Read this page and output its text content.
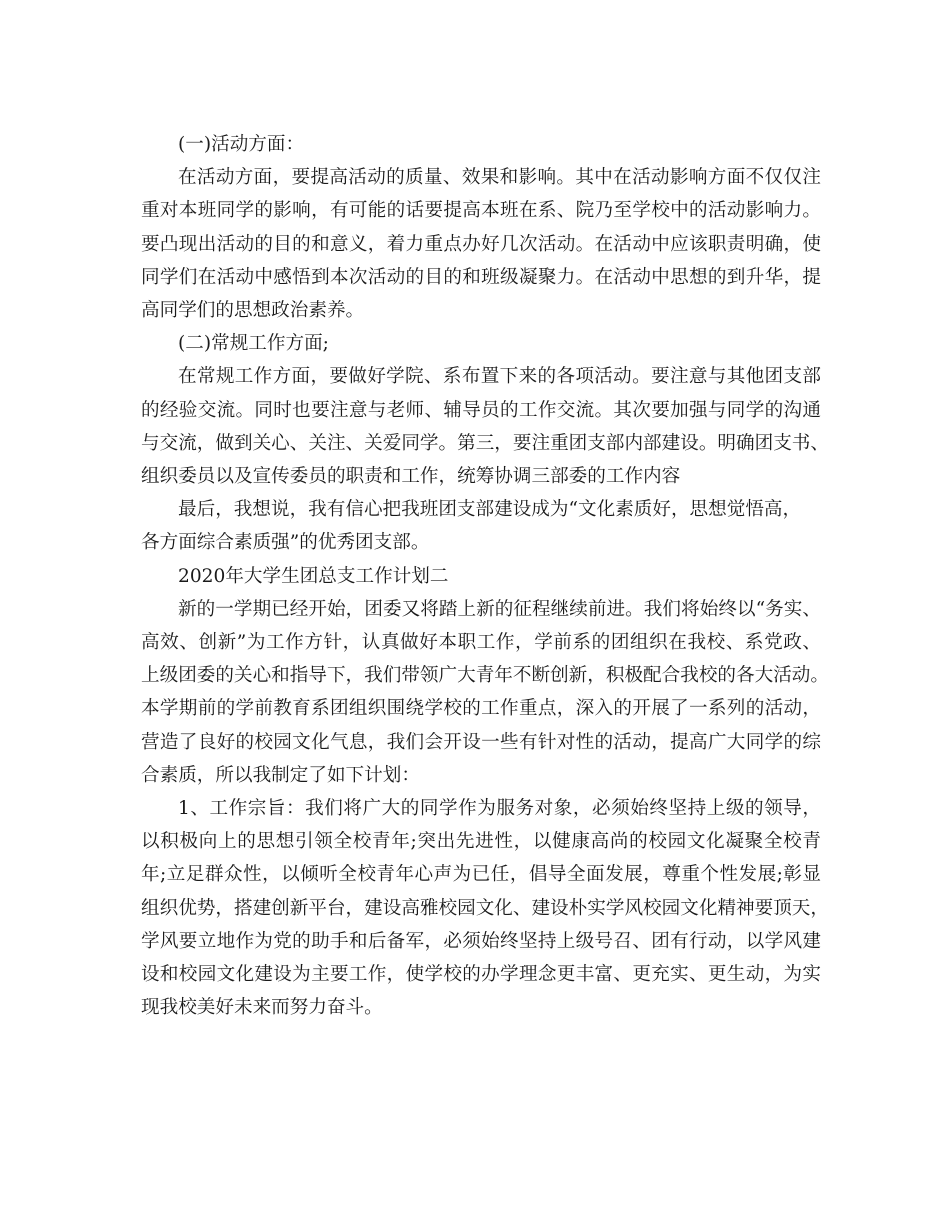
(一)活动方面：
在活动方面，要提高活动的质量、效果和影响。其中在活动影响方面不仅仅注
重对本班同学的影响，有可能的话要提高本班在系、院乃至学校中的活动影响力。
要凸现出活动的目的和意义，着力重点办好几次活动。在活动中应该职责明确，使
同学们在活动中感悟到本次活动的目的和班级凝聚力。在活动中思想的到升华，提
高同学们的思想政治素养。
(二)常规工作方面;
在常规工作方面，要做好学院、系布置下来的各项活动。要注意与其他团支部
的经验交流。同时也要注意与老师、辅导员的工作交流。其次要加强与同学的沟通
与交流，做到关心、关注、关爱同学。第三，要注重团支部内部建设。明确团支书、
组织委员以及宣传委员的职责和工作，统筹协调三部委的工作内容
最后，我想说，我有信心把我班团支部建设成为“文化素质好，思想觉悟高，
各方面综合素质强”的优秀团支部。
2020年大学生团总支工作计划二
新的一学期已经开始，团委又将踏上新的征程继续前进。我们将始终以“务实、
高效、创新”为工作方针，认真做好本职工作，学前系的团组织在我校、系党政、
上级团委的关心和指导下，我们带领广大青年不断创新，积极配合我校的各大活动。
本学期前的学前教育系团组织围绕学校的工作重点，深入的开展了一系列的活动，
营造了良好的校园文化气息，我们会开设一些有针对性的活动，提高广大同学的综
合素质，所以我制定了如下计划：
1、工作宗旨：我们将广大的同学作为服务对象，必须始终坚持上级的领导，
以积极向上的思想引领全校青年;突出先进性，以健康高尚的校园文化凝聚全校青
年;立足群众性，以倾听全校青年心声为已任，倡导全面发展，尊重个性发展;彰显
组织优势，搭建创新平台，建设高雅校园文化、建设朴实学风校园文化精神要顶天，
学风要立地作为党的助手和后备军，必须始终坚持上级号召、团有行动，以学风建
设和校园文化建设为主要工作，使学校的办学理念更丰富、更充实、更生动，为实
现我校美好未来而努力奋斗。
